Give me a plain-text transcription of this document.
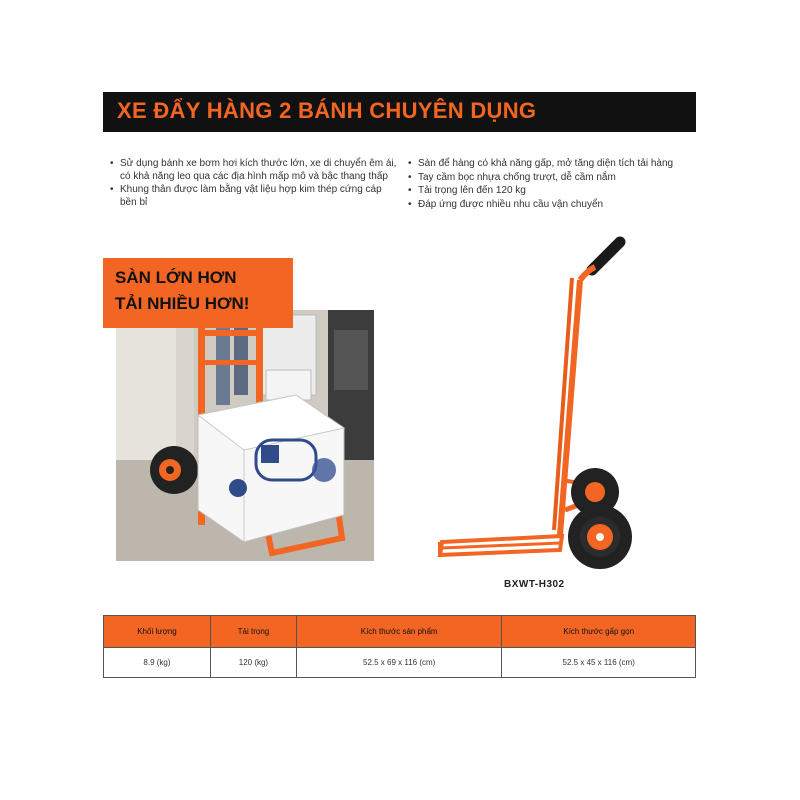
XE ĐẨY HÀNG 2 BÁNH CHUYÊN DỤNG
• Sử dụng bánh xe bơm hơi kích thước lớn, xe di chuyển êm ái, có khả năng leo qua các địa hình mấp mô và bậc thang thấp
• Khung thân được làm bằng vật liệu hợp kim thép cứng cáp bền bỉ
• Sàn để hàng có khả năng gấp, mở tăng diện tích tải hàng
• Tay cầm bọc nhựa chống trượt, dễ cầm nắm
• Tải trọng lên đến 120 kg
• Đáp ứng được nhiều nhu cầu vận chuyển
SÀN LỚN HƠN
TẢI NHIỀU HƠN!
BXWT-H302
Khối lượng	Tải trọng	Kích thước sản phẩm	Kích thước gấp gọn
8.9 (kg)	120 (kg)	52.5 x 69 x 116 (cm)	52.5 x 45 x 116 (cm)
